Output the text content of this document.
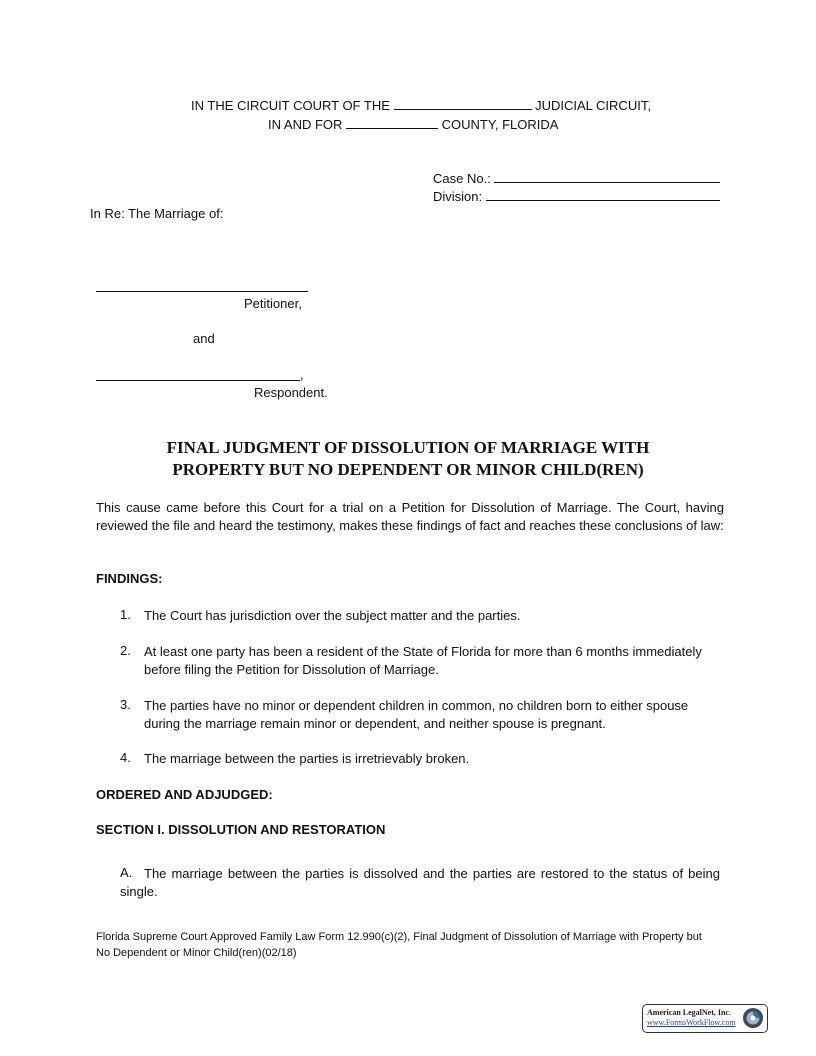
IN THE CIRCUIT COURT OF THE	JUDICIAL CIRCUIT,
IN AND FOR	COUNTY, FLORIDA
Case No.:
Division:
In Re: The Marriage of:
Petitioner,
and
,
Respondent.
FINAL JUDGMENT OF DISSOLUTION OF MARRIAGE WITH
PROPERTY BUT NO DEPENDENT OR MINOR CHILD(REN)
This cause came before this Court for a trial on a Petition for Dissolution of Marriage. The Court, having reviewed the file and heard the testimony, makes these findings of fact and reaches these conclusions of law:
FINDINGS:
1.	The Court has jurisdiction over the subject matter and the parties.
2.	At least one party has been a resident of the State of Florida for more than 6 months immediately before filing the Petition for Dissolution of Marriage.
3.	The parties have no minor or dependent children in common, no children born to either spouse during the marriage remain minor or dependent, and neither spouse is pregnant.
4.	The marriage between the parties is irretrievably broken.
ORDERED AND ADJUDGED:
SECTION I. DISSOLUTION AND RESTORATION
A. The marriage between the parties is dissolved and the parties are restored to the status of being single.
Florida Supreme Court Approved Family Law Form 12.990(c)(2), Final Judgment of Dissolution of Marriage with Property but No Dependent or Minor Child(ren)(02/18)
American LegalNet, Inc.
www.FormsWorkFlow.com
